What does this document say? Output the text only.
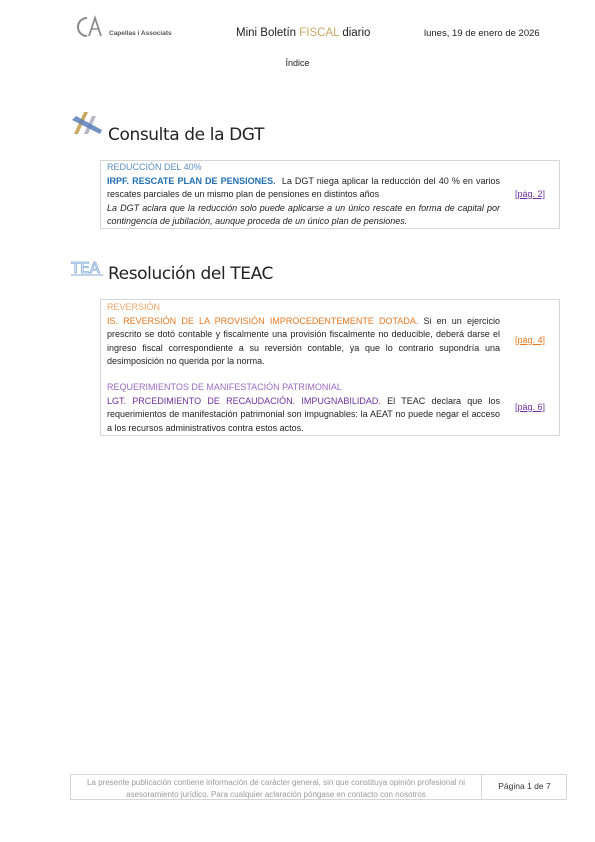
Capellas i Associats	Mini Boletín FISCAL diario	lunes, 19 de enero de 2026
Índice
Consulta de la DGT
REDUCCIÓN DEL 40%
IRPF. RESCATE PLAN DE PENSIONES. La DGT niega aplicar la reducción del 40 % en varios rescates parciales de un mismo plan de pensiones en distintos años
La DGT aclara que la reducción solo puede aplicarse a un único rescate en forma de capital por contingencia de jubilación, aunque proceda de un único plan de pensiones.
[pág. 2]
TEA Resolución del TEAC
REVERSIÓN
IS. REVERSIÓN DE LA PROVISIÓN IMPROCEDENTEMENTE DOTADA. Si en un ejercicio prescrito se dotó contable y fiscalmente una provisión fiscalmente no deducible, deberá darse el ingreso fiscal correspondiente a su reversión contable, ya que lo contrario supondría una desimposición no querida por la norma.
[pág. 4]
REQUERIMIENTOS DE MANIFESTACIÓN PATRIMONIAL
LGT. PRCEDIMIENTO DE RECAUDACIÓN. IMPUGNABILIDAD. El TEAC declara que los requerimientos de manifestación patrimonial son impugnables: la AEAT no puede negar el acceso a los recursos administrativos contra estos actos.
[pág. 6]
La presente publicación contiene información de carácter general, sin que constituya opinión profesional ni asesoramiento jurídico. Para cualquier aclaración póngase en contacto con nosotros
Página 1 de 7
